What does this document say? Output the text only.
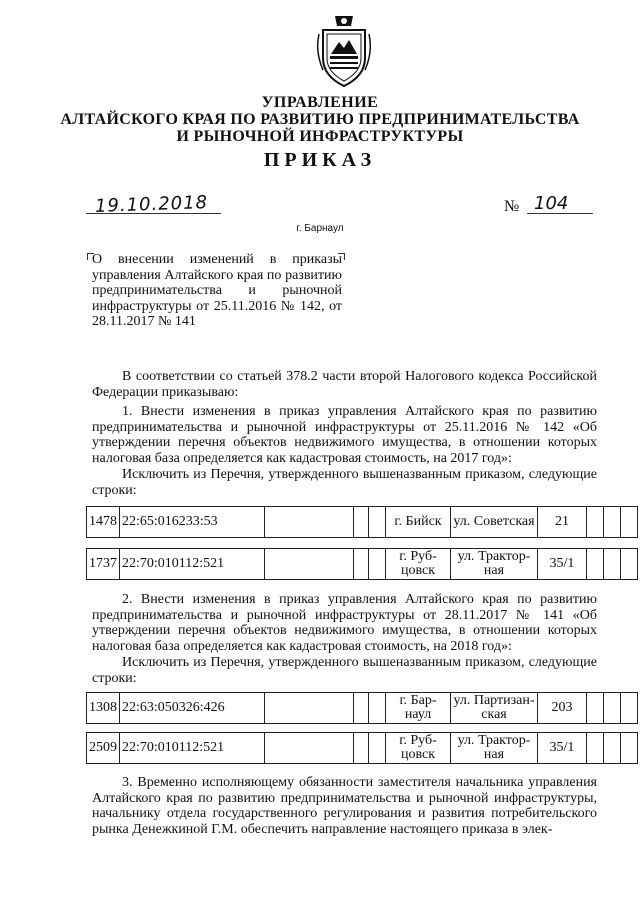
УПРАВЛЕНИЕ
АЛТАЙСКОГО КРАЯ ПО РАЗВИТИЮ ПРЕДПРИНИМАТЕЛЬСТВА
И РЫНОЧНОЙ ИНФРАСТРУКТУРЫ
ПРИКАЗ
19.10.2018	№ 104
г. Барнаул
О внесении изменений в приказы управления Алтайского края по развитию предпринимательства и рыночной инфраструктуры от 25.11.2016 № 142, от 28.11.2017 № 141

В соответствии со статьей 378.2 части второй Налогового кодекса Российской Федерации приказываю:

1. Внести изменения в приказ управления Алтайского края по развитию предпринимательства и рыночной инфраструктуры от 25.11.2016 № 142 «Об утверждении перечня объектов недвижимого имущества, в отношении которых налоговая база определяется как кадастровая стоимость, на 2017 год»:

Исключить из Перечня, утвержденного вышеназванным приказом, следующие строки:

1478	22:65:016233:53				г. Бийск	ул. Советская	21			
1737	22:70:010112:521				г. Руб-цовск	ул. Трактор-ная	35/1			

2. Внести изменения в приказ управления Алтайского края по развитию предпринимательства и рыночной инфраструктуры от 28.11.2017 № 141 «Об утверждении перечня объектов недвижимого имущества, в отношении которых налоговая база определяется как кадастровая стоимость, на 2018 год»:

Исключить из Перечня, утвержденного вышеназванным приказом, следующие строки:

1308	22:63:050326:426				г. Бар-наул	ул. Партизан-ская	203			
2509	22:70:010112:521				г. Руб-цовск	ул. Трактор-ная	35/1			

3. Временно исполняющему обязанности заместителя начальника управления Алтайского края по развитию предпринимательства и рыночной инфраструктуры, начальнику отдела государственного регулирования и развития потребительского рынка Денежкиной Г.М. обеспечить направление настоящего приказа в элек-
